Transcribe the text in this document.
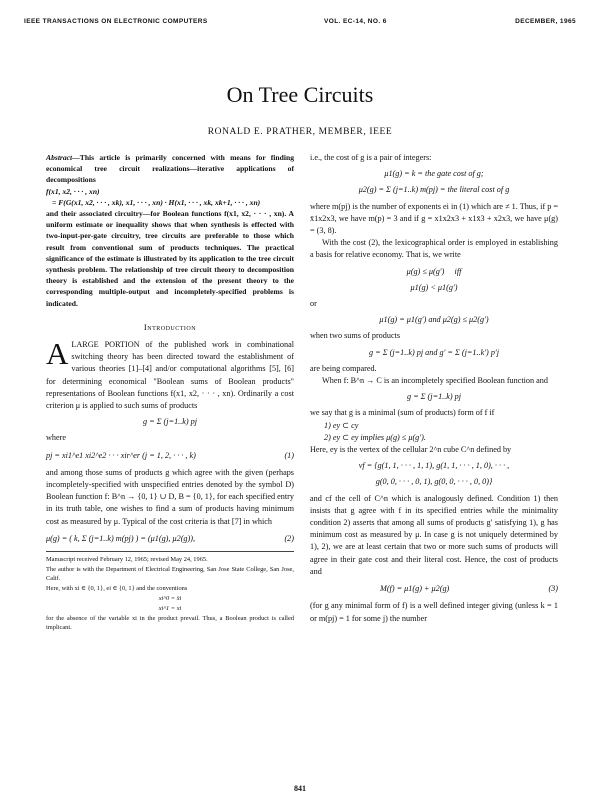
IEEE TRANSACTIONS ON ELECTRONIC COMPUTERS	VOL. EC-14, NO. 6	DECEMBER, 1965
On Tree Circuits
RONALD E. PRATHER, MEMBER, IEEE

Abstract—This article is primarily concerned with means for finding economical tree circuit realizations—iterative applications of decompositions

f(x1, x2, · · · , xn)

= F(G(x1, x2, · · · , xk), x1, · · · , xn) · H(x1, · · · , xk, xk+1, · · · , xn)

and their associated circuitry—for Boolean functions f(x1, x2, · · · , xn). A uniform estimate or inequality shows that when synthesis is effected with two-input-per-gate circuitry, tree circuits are preferable to those which result from conventional sum of products techniques. The practical significance of the estimate is illustrated by its application to the tree circuit synthesis problem. The relationship of tree circuit theory to decomposition theory is established and the extension of the present theory to the corresponding multiple-output and incompletely-specified problems is indicated.

Introduction

ALARGE PORTION of the published work in combinational switching theory has been directed toward the establishment of various theories [1]–[4] and/or computational algorithms [5], [6] for determining economical "Boolean sums of Boolean products" representations of Boolean functions f(x1, x2, · · · , xn). Ordinarily a cost criterion μ is applied to such sums of products

g = Σ (j=1..k) pj

where

pj = xi1^e1 xi2^e2 · · · xir^er (j = 1, 2, · · · , k)	(1)

and among those sums of products g which agree with the given (perhaps incompletely-specified with unspecified entries denoted by the symbol D) Boolean function f: B^n → {0, 1} ∪ D, B = {0, 1}, for each specified entry in its truth table, one wishes to find a sum of products having minimum cost as measured by μ. Typical of the cost criteria is that [7] in which

μ(g) = ( k, Σ (j=1..k) m(pj) ) = (μ1(g), μ2(g)),	(2)

Manuscript received February 12, 1965; revised May 24, 1965.

The author is with the Department of Electrical Engineering, San Jose State College, San Jose, Calif.

Here, with xi ∈ {0, 1}, ei ∈ {0, 1} and the conventions

xi^0 = x̄i

xi^1 = xi

for the absence of the variable xi in the product prevail. Thus, a Boolean product is called implicant.

i.e., the cost of g is a pair of integers:

μ1(g) = k = the gate cost of g;

μ2(g) = Σ (j=1..k) m(pj) = the literal cost of g

where m(pj) is the number of exponents ei in (1) which are ≠ 1. Thus, if p = x̄1x2x3, we have m(p) = 3 and if g = x1x2x3 + x1x̄3 + x2x3, we have μ(g) = (3, 8).

With the cost (2), the lexicographical order is employed in establishing a basis for relative economy. That is, we write

μ(g) ≤ μ(g′) iff

μ1(g) < μ1(g′)

or

μ1(g) = μ1(g′) and μ2(g) ≤ μ2(g′)

when two sums of products

g = Σ (j=1..k) pj and g′ = Σ (j=1..k′) p′j

are being compared.

When f: B^n → C is an incompletely specified Boolean function and

g = Σ (j=1..k) pj

we say that g is a minimal (sum of products) form of f if

1) ey ⊂ cy

2) ey ⊂ ey implies μ(g) ≤ μ(g′).

Here, ey is the vertex of the cellular 2^n cube C^n defined by

vf = {g(1, 1, · · · , 1, 1), g(1, 1, · · · , 1, 0), · · · ,

g(0, 0, · · · , 0, 1), g(0, 0, · · · , 0, 0)}

and cf the cell of C^n which is analogously defined. Condition 1) then insists that g agree with f in its specified entries while the minimality condition 2) asserts that among all sums of products g′ satisfying 1), g has minimum cost as measured by μ. In case g is not uniquely determined by 1), 2), we are at least certain that two or more such sums of products will agree in their gate cost and their literal cost. Hence, the cost of products and

M(f) = μ1(g) + μ2(g)	(3)

(for g any minimal form of f) is a well defined integer giving (unless k = 1 or m(pj) = 1 for some j) the number

841
